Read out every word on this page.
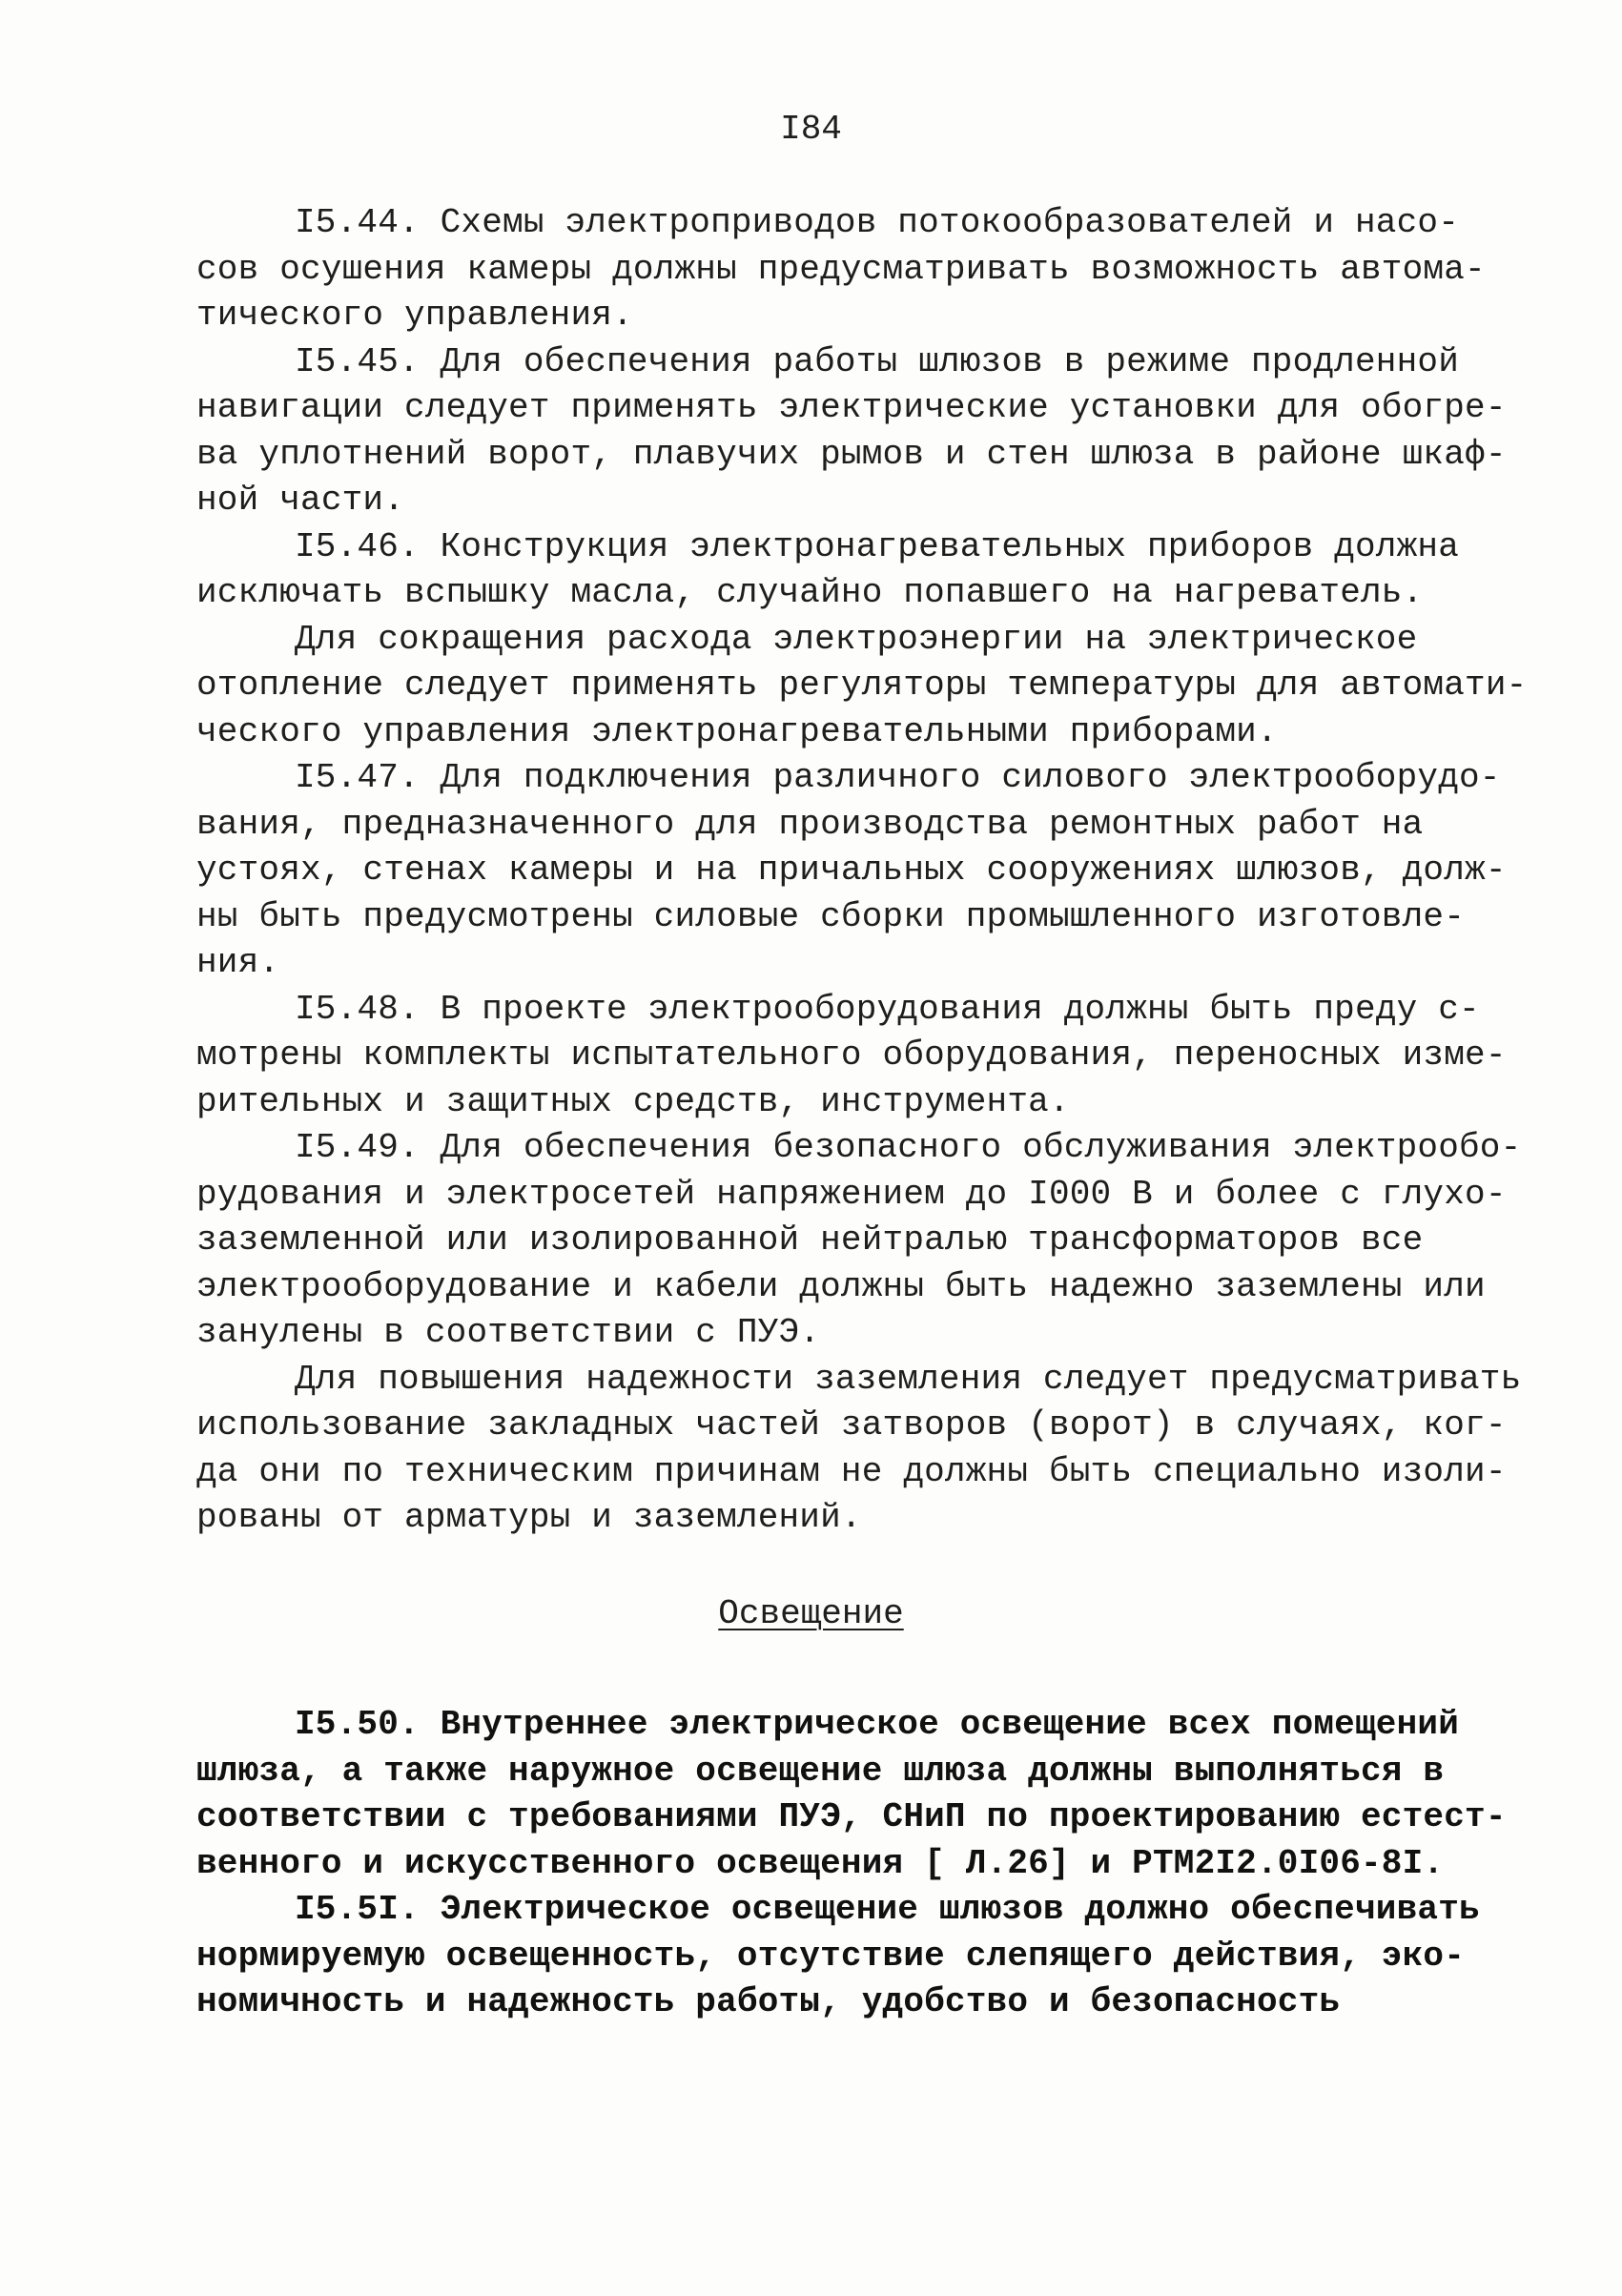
I84
I5.44. Схемы электроприводов потокообразователей и насо-
сов осушения камеры должны предусматривать возможность автома-
тического управления.
I5.45. Для обеспечения работы шлюзов в режиме продленной
навигации следует применять электрические установки для обогре-
ва уплотнений ворот, плавучих рымов и стен шлюза в районе шкаф-
ной части.
I5.46. Конструкция электронагревательных приборов должна
исключать вспышку масла, случайно попавшего на нагреватель.
Для сокращения расхода электроэнергии на электрическое
отопление следует применять регуляторы температуры для автомати-
ческого управления электронагревательными приборами.
I5.47. Для подключения различного силового электрооборудо-
вания, предназначенного для производства ремонтных работ на
устоях, стенах камеры и на причальных сооружениях шлюзов, долж-
ны быть предусмотрены силовые сборки промышленного изготовле-
ния.
I5.48. В проекте электрооборудования должны быть преду с-
мотрены комплекты испытательного оборудования, переносных изме-
рительных и защитных средств, инструмента.
I5.49. Для обеспечения безопасного обслуживания электрообо-
рудования и электросетей напряжением до I000 В и более с глухо-
заземленной или изолированной нейтралью трансформаторов все
электрооборудование и кабели должны быть надежно заземлены или
занулены в соответствии с ПУЭ.
Для повышения надежности заземления следует предусматривать
использование закладных частей затворов (ворот) в случаях, ког-
да они по техническим причинам не должны быть специально изоли-
рованы от арматуры и заземлений.
Освещение
I5.50. Внутреннее электрическое освещение всех помещений
шлюза, а также наружное освещение шлюза должны выполняться в
соответствии с требованиями ПУЭ, СНиП по проектированию естест-
венного и искусственного освещения [ Л.26] и РТМ2I2.0I06-8I.
I5.5I. Электрическое освещение шлюзов должно обеспечивать
нормируемую освещенность, отсутствие слепящего действия, эко-
номичность и надежность работы, удобство и безопасность
